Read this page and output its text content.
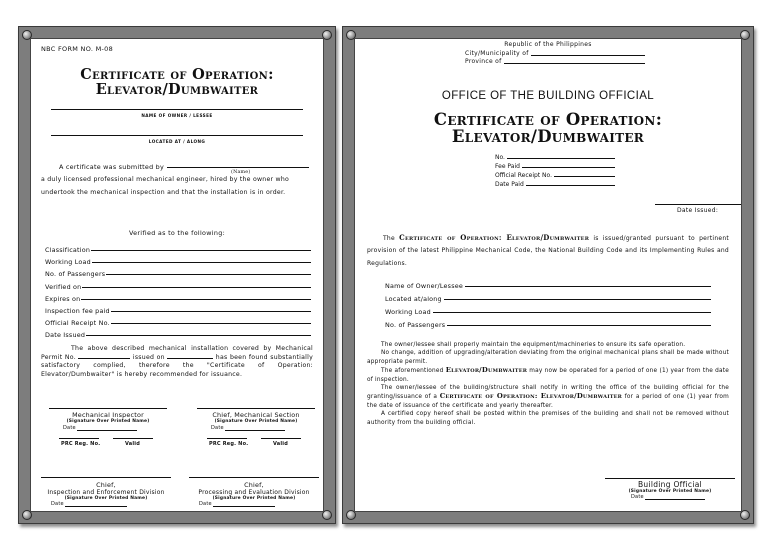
NBC FORM NO. M-08
Certificate of Operation:
Elevator/Dumbwaiter
NAME OF OWNER / LESSEE
LOCATED AT / ALONG
A certificate was submitted by
(Name)
a duly licensed professional mechanical engineer, hired by the owner who undertook the mechanical inspection and that the installation is in order.
Verified as to the following:
Classification
Working Load
No. of Passengers
Verified on
Expires on
Inspection fee paid
Official Receipt No.
Date Issued
The above described mechanical installation covered by Mechanical Permit No.	issued on	has been found substantially satisfactory complied, therefore the "Certificate of Operation: Elevator/Dumbwaiter" is hereby recommended for issuance.
Mechanical Inspector
(Signature Over Printed Name)
Date
PRC Reg. No.	Valid
Chief, Mechanical Section
(Signature Over Printed Name)
Date
PRC Reg. No.	Valid
Chief,
Inspection and Enforcement Division
(Signature Over Printed Name)
Date
Chief,
Processing and Evaluation Division
(Signature Over Printed Name)
Date
Republic of the Philippines
City/Municipality of
Province of
OFFICE OF THE BUILDING OFFICIAL
Certificate of Operation:
Elevator/Dumbwaiter
No.
Fee Paid
Official Receipt No.
Date Paid
Date Issued:
The Certificate of Operation: Elevator/Dumbwaiter is issued/granted pursuant to pertinent provision of the latest Philippine Mechanical Code, the National Building Code and its Implementing Rules and Regulations.
Name of Owner/Lessee
Located at/along
Working Load
No. of Passengers

The owner/lessee shall properly maintain the equipment/machineries to ensure its safe operation.

No change, addition of upgrading/alteration deviating from the original mechanical plans shall be made without appropriate permit.

The aforementioned Elevator/Dumbwaiter may now be operated for a period of one (1) year from the date of inspection.

The owner/lessee of the building/structure shall notify in writing the office of the building official for the granting/issuance of a Certificate of Operation: Elevator/Dumbwaiter for a period of one (1) year from the date of issuance of the certificate and yearly thereafter.

A certified copy hereof shall be posted within the premises of the building and shall not be removed without authority from the building official.

Building Official
(Signature Over Printed Name)
Date
